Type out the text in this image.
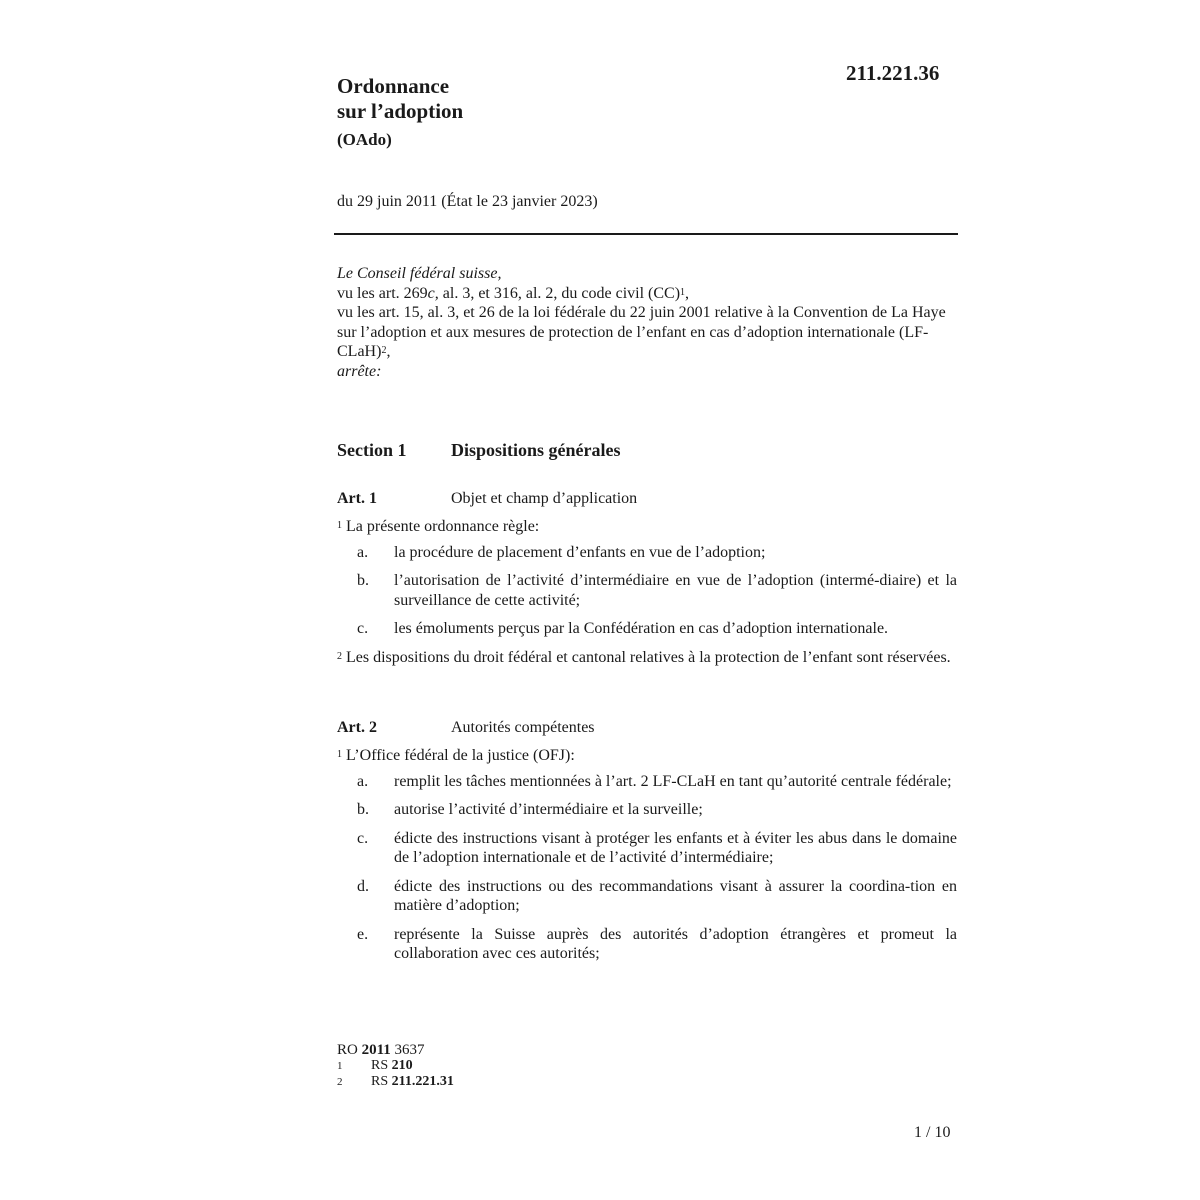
211.221.36
Ordonnance
sur l’adoption
(OAdo)
du 29 juin 2011 (État le 23 janvier 2023)

Le Conseil fédéral suisse,

vu les art. 269c, al. 3, et 316, al. 2, du code civil (CC)$^1$,

vu les art. 15, al. 3, et 26 de la loi fédérale du 22 juin 2001 relative à la Convention de La Haye sur l’adoption et aux mesures de protection de l’enfant en cas d’adoption internationale (LF-CLaH)$^2$,

arrête:

Section 1 Dispositions générales
Art. 1	Objet et champ d’application

$^1$ La présente ordonnance règle:

a. la procédure de placement d’enfants en vue de l’adoption;
b. l’autorisation de l’activité d’intermédiaire en vue de l’adoption (intermé-diaire) et la surveillance de cette activité;
c. les émoluments perçus par la Confédération en cas d’adoption internationale.

$^2$ Les dispositions du droit fédéral et cantonal relatives à la protection de l’enfant sont réservées.

Art. 2	Autorités compétentes

$^1$ L’Office fédéral de la justice (OFJ):

a. remplit les tâches mentionnées à l’art. 2 LF-CLaH en tant qu’autorité centrale fédérale;
b. autorise l’activité d’intermédiaire et la surveille;
c. édicte des instructions visant à protéger les enfants et à éviter les abus dans le domaine de l’adoption internationale et de l’activité d’intermédiaire;
d. édicte des instructions ou des recommandations visant à assurer la coordina-tion en matière d’adoption;
e. représente la Suisse auprès des autorités d’adoption étrangères et promeut la collaboration avec ces autorités;
RO 2011 3637
1	RS 210
2	RS 211.221.31
1 / 10
